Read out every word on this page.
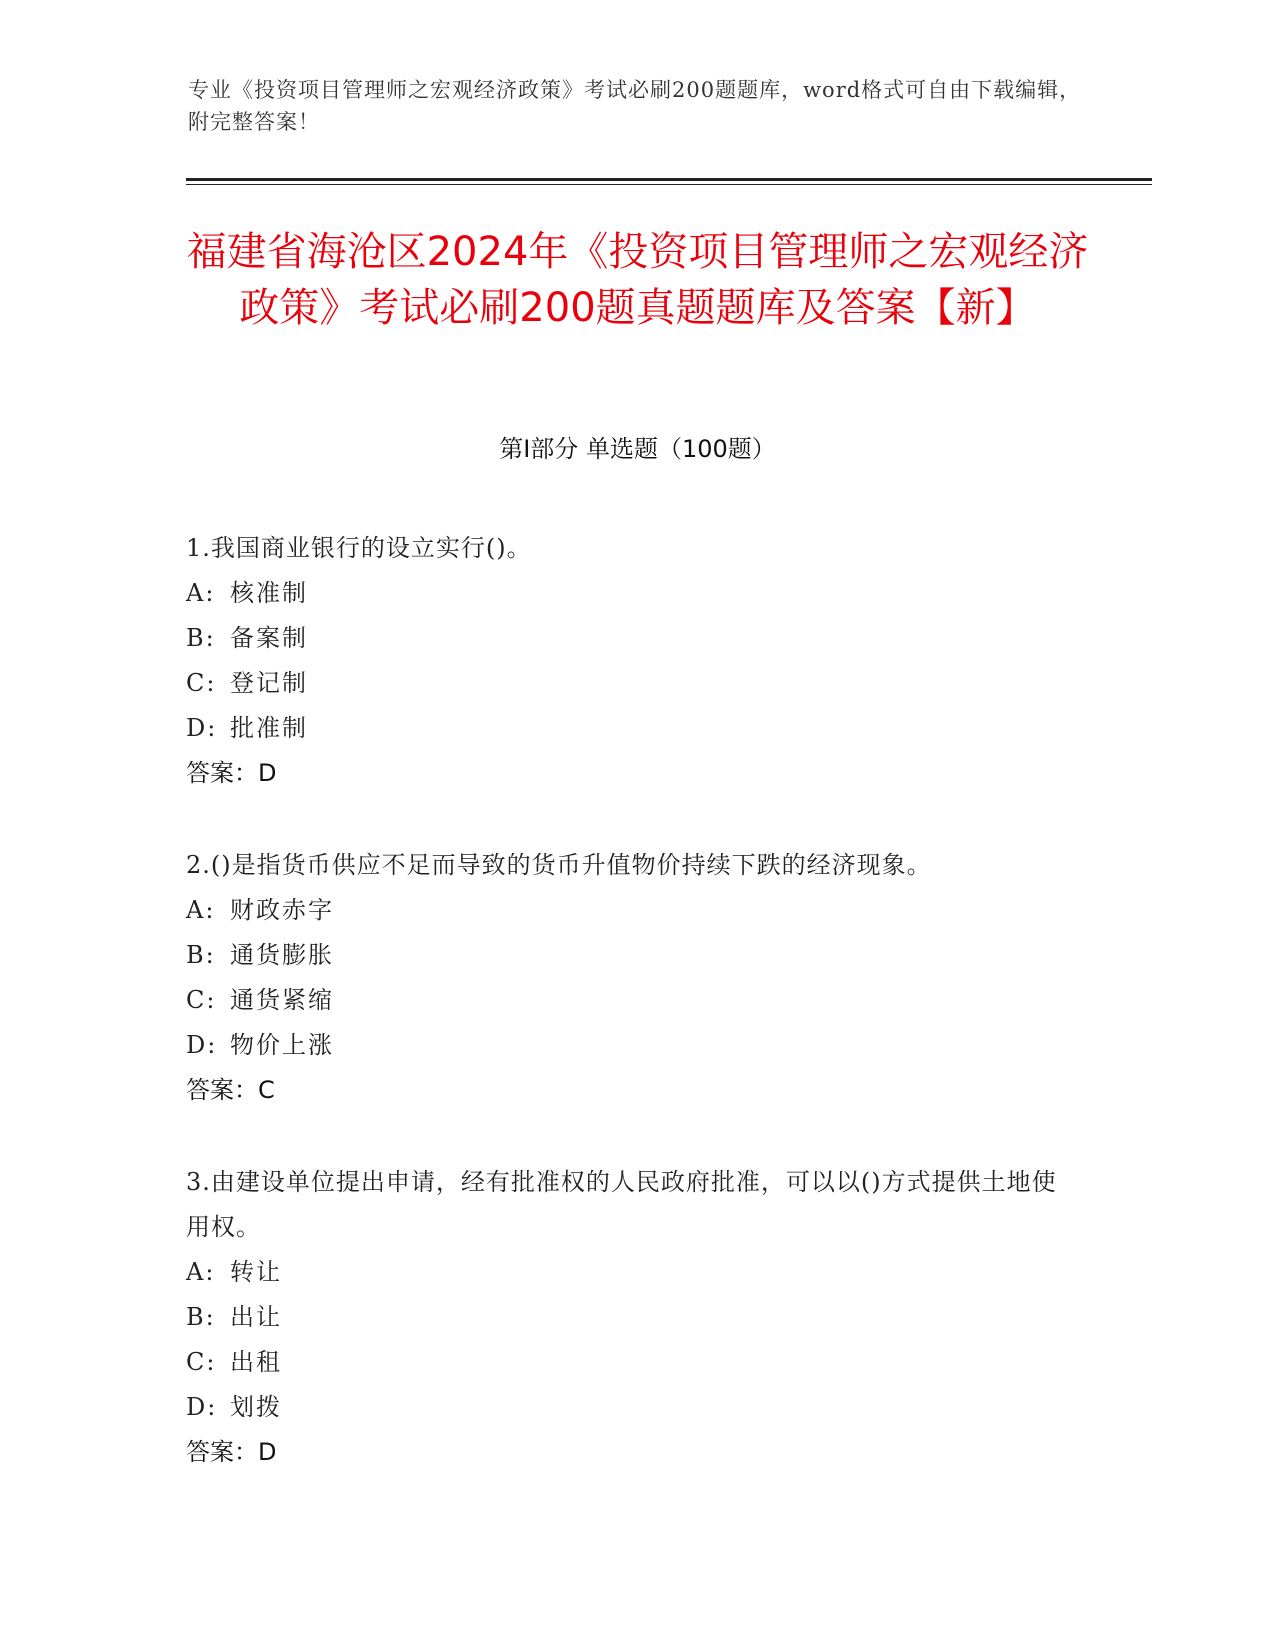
专业《投资项目管理师之宏观经济政策》考试必刷200题题库，word格式可自由下载编辑，附完整答案！
福建省海沧区2024年《投资项目管理师之宏观经济政策》考试必刷200题真题题库及答案【新】
第Ⅰ部分 单选题（100题）

1.我国商业银行的设立实行()。

A: 核准制

B: 备案制

C: 登记制

D: 批准制

答案：D

2.()是指货币供应不足而导致的货币升值物价持续下跌的经济现象。

A: 财政赤字

B: 通货膨胀

C: 通货紧缩

D: 物价上涨

答案：C

3.由建设单位提出申请，经有批准权的人民政府批准，可以以()方式提供土地使用权。

A: 转让

B: 出让

C: 出租

D: 划拨

答案：D
